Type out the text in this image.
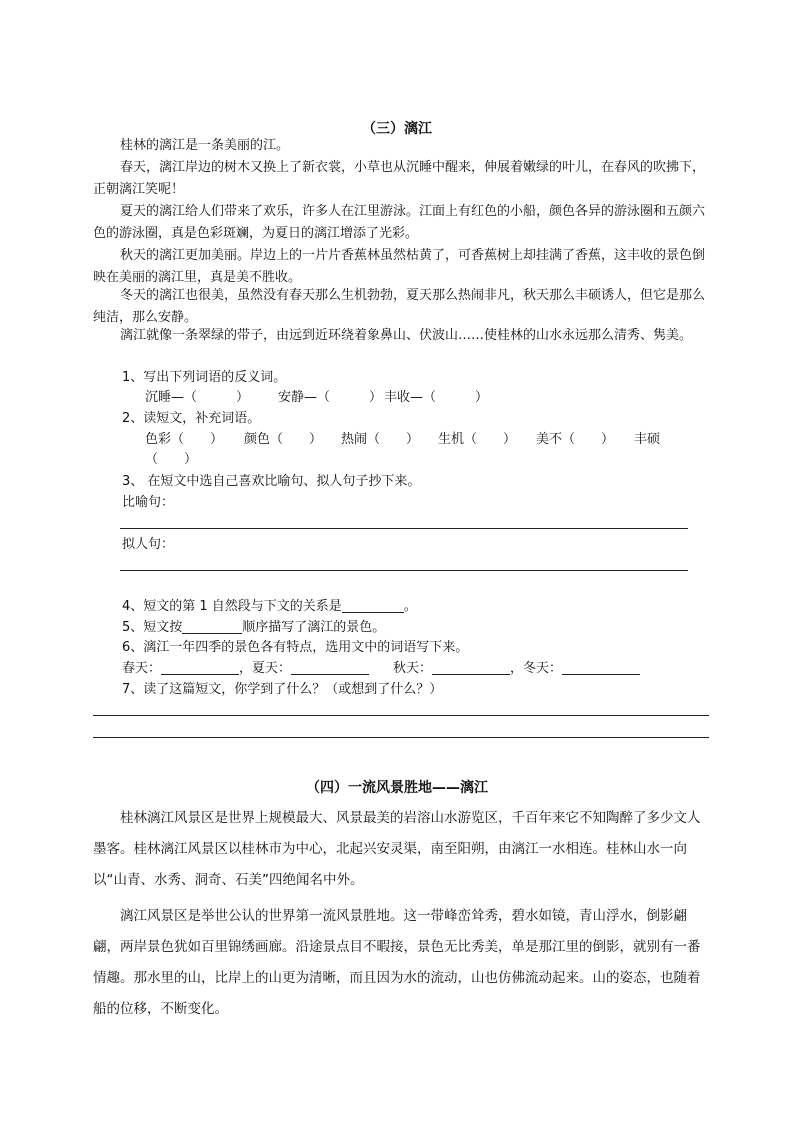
（三）漓江

桂林的漓江是一条美丽的江。

春天，漓江岸边的树木又换上了新衣裳，小草也从沉睡中醒来，伸展着嫩绿的叶儿，在春风的吹拂下，正朝漓江笑呢！

夏天的漓江给人们带来了欢乐，许多人在江里游泳。江面上有红色的小船，颜色各异的游泳圈和五颜六色的游泳圈，真是色彩斑斓，为夏日的漓江增添了光彩。

秋天的漓江更加美丽。岸边上的一片片香蕉林虽然枯黄了，可香蕉树上却挂满了香蕉，这丰收的景色倒映在美丽的漓江里，真是美不胜收。

冬天的漓江也很美，虽然没有春天那么生机勃勃，夏天那么热闹非凡，秋天那么丰硕诱人，但它是那么纯洁，那么安静。

漓江就像一条翠绿的带子，由远到近环绕着象鼻山、伏波山……使桂林的山水永远那么清秀、隽美。

1、写出下列词语的反义词。
沉睡—（　　　） 安静—（　　　） 丰收—（　　　）
2、读短文，补充词语。
色彩（　　） 颜色（　　） 热闹（　　） 生机（　　） 美不（　　） 丰硕
（　　）
3、 在短文中选自己喜欢比喻句、拟人句子抄下来。
比喻句：
拟人句：
4、短文的第 1 自然段与下文的关系是	。
5、短文按	顺序描写了漓江的景色。
6、漓江一年四季的景色各有特点，选用文中的词语写下来。
春天：	，夏天：	秋天：	，冬天：
7、读了这篇短文，你学到了什么？（或想到了什么？）
（四）一流风景胜地——漓江

桂林漓江风景区是世界上规模最大、风景最美的岩溶山水游览区，千百年来它不知陶醉了多少文人墨客。桂林漓江风景区以桂林市为中心，北起兴安灵渠，南至阳朔，由漓江一水相连。桂林山水一向以“山青、水秀、洞奇、石美”四绝闻名中外。

漓江风景区是举世公认的世界第一流风景胜地。这一带峰峦耸秀，碧水如镜，青山浮水，倒影翩翩，两岸景色犹如百里锦绣画廊。沿途景点目不暇接，景色无比秀美，单是那江里的倒影，就别有一番情趣。那水里的山，比岸上的山更为清晰，而且因为水的流动，山也仿佛流动起来。山的姿态，也随着船的位移，不断变化。
